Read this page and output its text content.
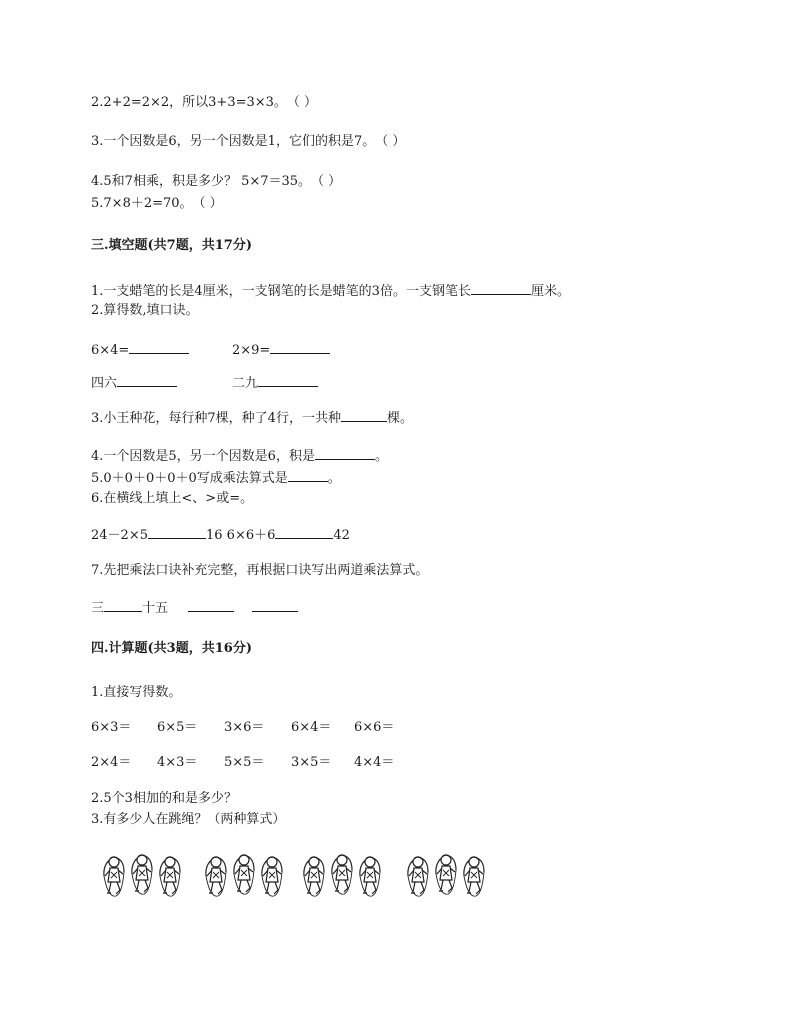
2.2+2=2×2，所以3+3=3×3。　（ ）
3.一个因数是6，另一个因数是1，它们的积是7。　（ ）
4.5和7相乘，积是多少？ 5×7＝35。　（ ）
5.7×8＋2=70。　（ ）
三.填空题(共7题，共17分)
1.一支蜡笔的长是4厘米，一支钢笔的长是蜡笔的3倍。一支钢笔长	厘米。
2.算得数,填口诀。
6×4=	2×9=
四六	二九
3.小王种花，每行种7棵，种了4行，一共种	棵。
4.一个因数是5，另一个因数是6，积是	。
5.0＋0＋0＋0＋0写成乘法算式是	。
6.在横线上填上<、>或=。
24－2×5	16 6×6＋6	42
7.先把乘法口诀补充完整，再根据口诀写出两道乘法算式。
三	十五
四.计算题(共3题，共16分)
1.直接写得数。
6×3＝ 6×5＝ 3×6＝ 6×4＝ 6×6＝
2×4＝ 4×3＝ 5×5＝ 3×5＝ 4×4＝
2.5个3相加的和是多少？
3.有多少人在跳绳？（两种算式）
